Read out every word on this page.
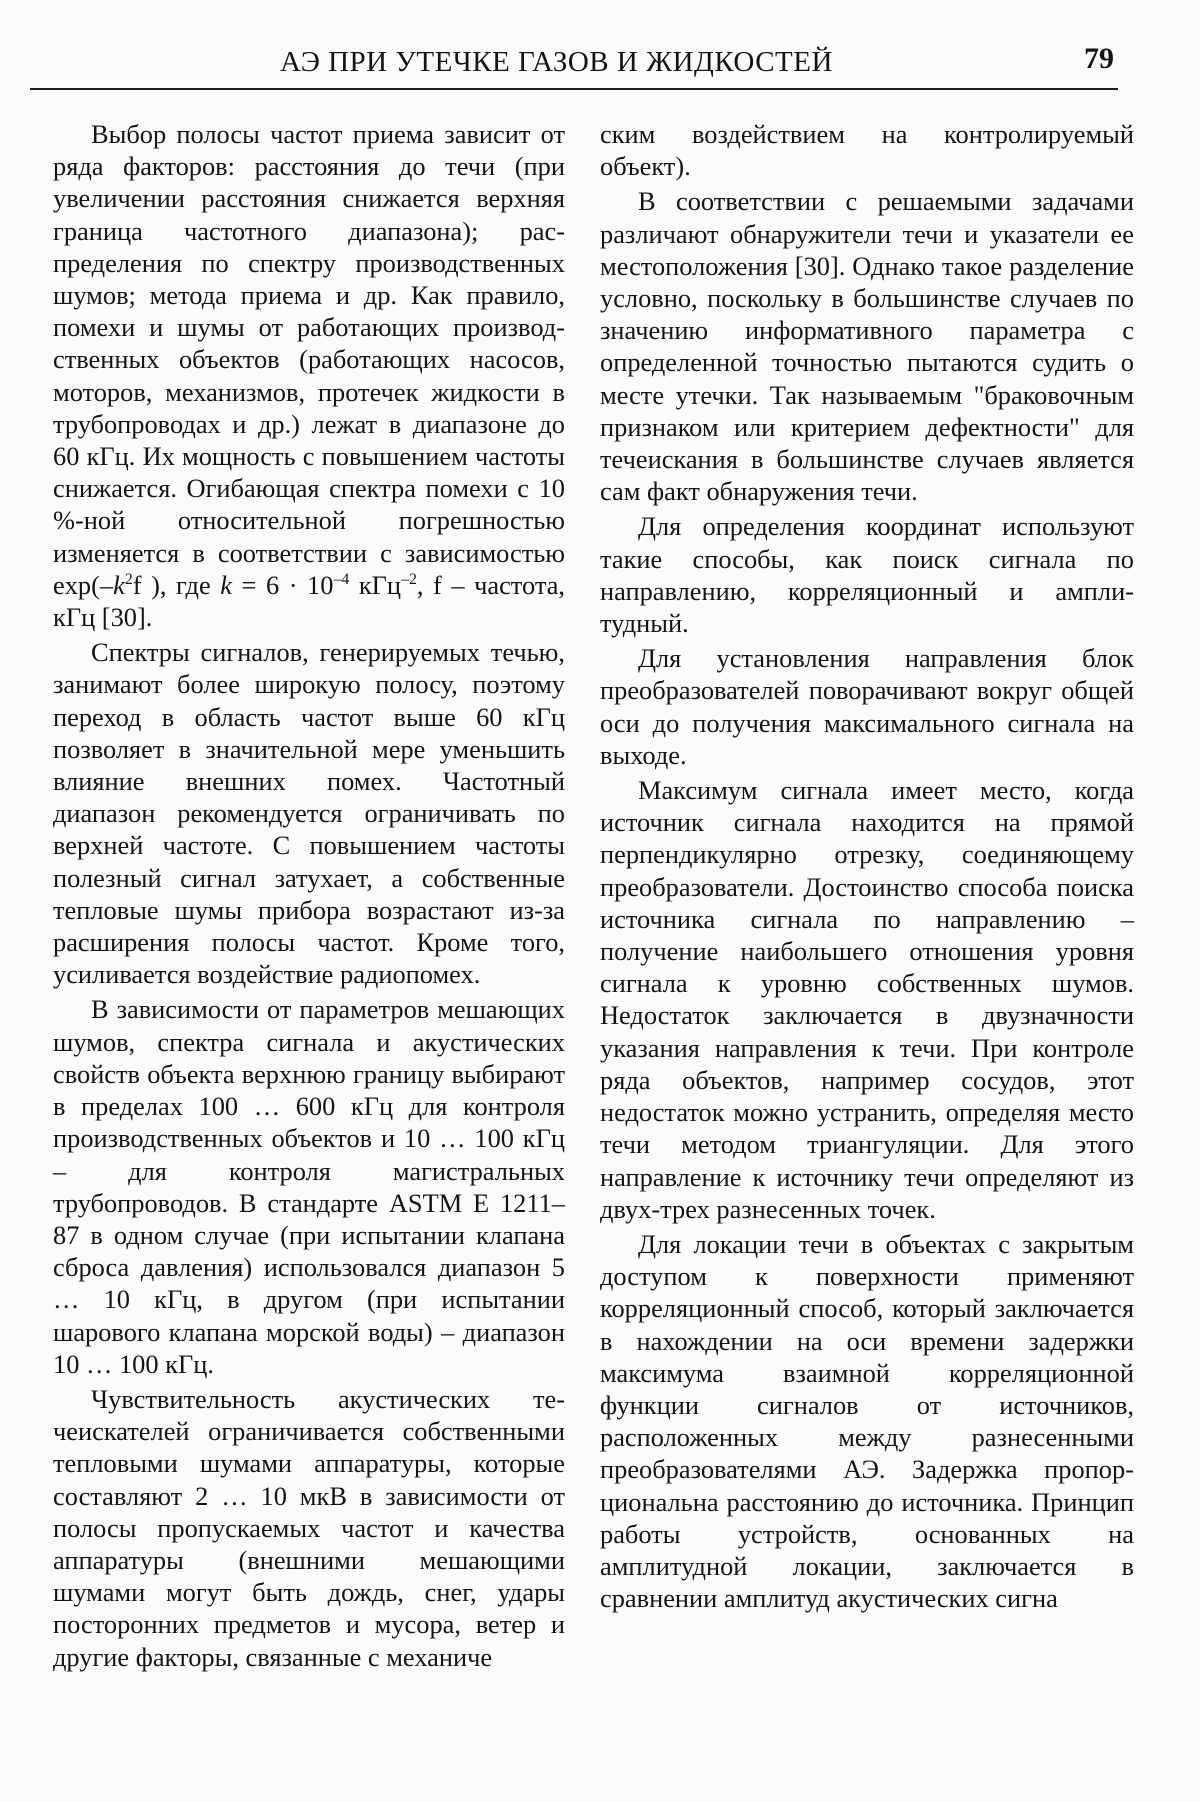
АЭ ПРИ УТЕЧКЕ ГАЗОВ И ЖИДКОСТЕЙ	79

Выбор полосы частот приема зависит от ряда факторов: расстояния до течи (при увеличении расстояния снижается верхняя граница частотного диапазона); распределения по спектру производственных шумов; метода приема и др. Как правило, помехи и шумы от работающих производственных объектов (работающих насосов, моторов, механизмов, протечек жидкости в трубопроводах и др.) лежат в диапазоне до 60 кГц. Их мощность с повышением частоты снижается. Огибающая спектра помехи с 10 %-ной относительной погрешностью изменяется в соответствии с зависимостью $\exp(-k^2f$ ), где $k = 6 \cdot 10^{-4}$ кГц$^{-2}$, f – частота, кГц [30].

Спектры сигналов, генерируемых течью, занимают более широкую полосу, поэтому переход в область частот выше 60 кГц позволяет в значительной мере уменьшить влияние внешних помех. Частотный диапазон рекомендуется ограничивать по верхней частоте. С повышением частоты полезный сигнал затухает, а собственные тепловые шумы прибора возрастают из-за расширения полосы частот. Кроме того, усиливается воздействие радиопомех.

В зависимости от параметров мешающих шумов, спектра сигнала и акустических свойств объекта верхнюю границу выбирают в пределах 100 … 600 кГц для контроля производственных объектов и 10 … 100 кГц – для контроля магистральных трубопроводов. В стандарте ASTM E 1211–87 в одном случае (при испытании клапана сброса давления) использовался диапазон 5 … 10 кГц, в другом (при испытании шарового клапана морской воды) – диапазон 10 … 100 кГц.

Чувствительность акустических течеискателей ограничивается собственными тепловыми шумами аппаратуры, которые составляют 2 … 10 мкВ в зависимости от полосы пропускаемых частот и качества аппаратуры (внешними мешающими шумами могут быть дождь, снег, удары посторонних предметов и мусора, ветер и другие факторы, связанные с механиче

ским воздействием на контролируемый объект).

В соответствии с решаемыми задачами различают обнаружители течи и указатели ее местоположения [30]. Однако такое разделение условно, поскольку в большинстве случаев по значению информативного параметра с определенной точностью пытаются судить о месте утечки. Так называемым "браковочным признаком или критерием дефектности" для течеискания в большинстве случаев является сам факт обнаружения течи.

Для определения координат используют такие способы, как поиск сигнала по направлению, корреляционный и амплитудный.

Для установления направления блок преобразователей поворачивают вокруг общей оси до получения максимального сигнала на выходе.

Максимум сигнала имеет место, когда источник сигнала находится на прямой перпендикулярно отрезку, соединяющему преобразователи. Достоинство способа поиска источника сигнала по направлению – получение наибольшего отношения уровня сигнала к уровню собственных шумов. Недостаток заключается в двузначности указания направления к течи. При контроле ряда объектов, например сосудов, этот недостаток можно устранить, определяя место течи методом триангуляции. Для этого направление к источнику течи определяют из двух-трех разнесенных точек.

Для локации течи в объектах с закрытым доступом к поверхности применяют корреляционный способ, который заключается в нахождении на оси времени задержки максимума взаимной корреляционной функции сигналов от источников, расположенных между разнесенными преобразователями АЭ. Задержка пропорциональна расстоянию до источника. Принцип работы устройств, основанных на амплитудной локации, заключается в сравнении амплитуд акустических сигна
